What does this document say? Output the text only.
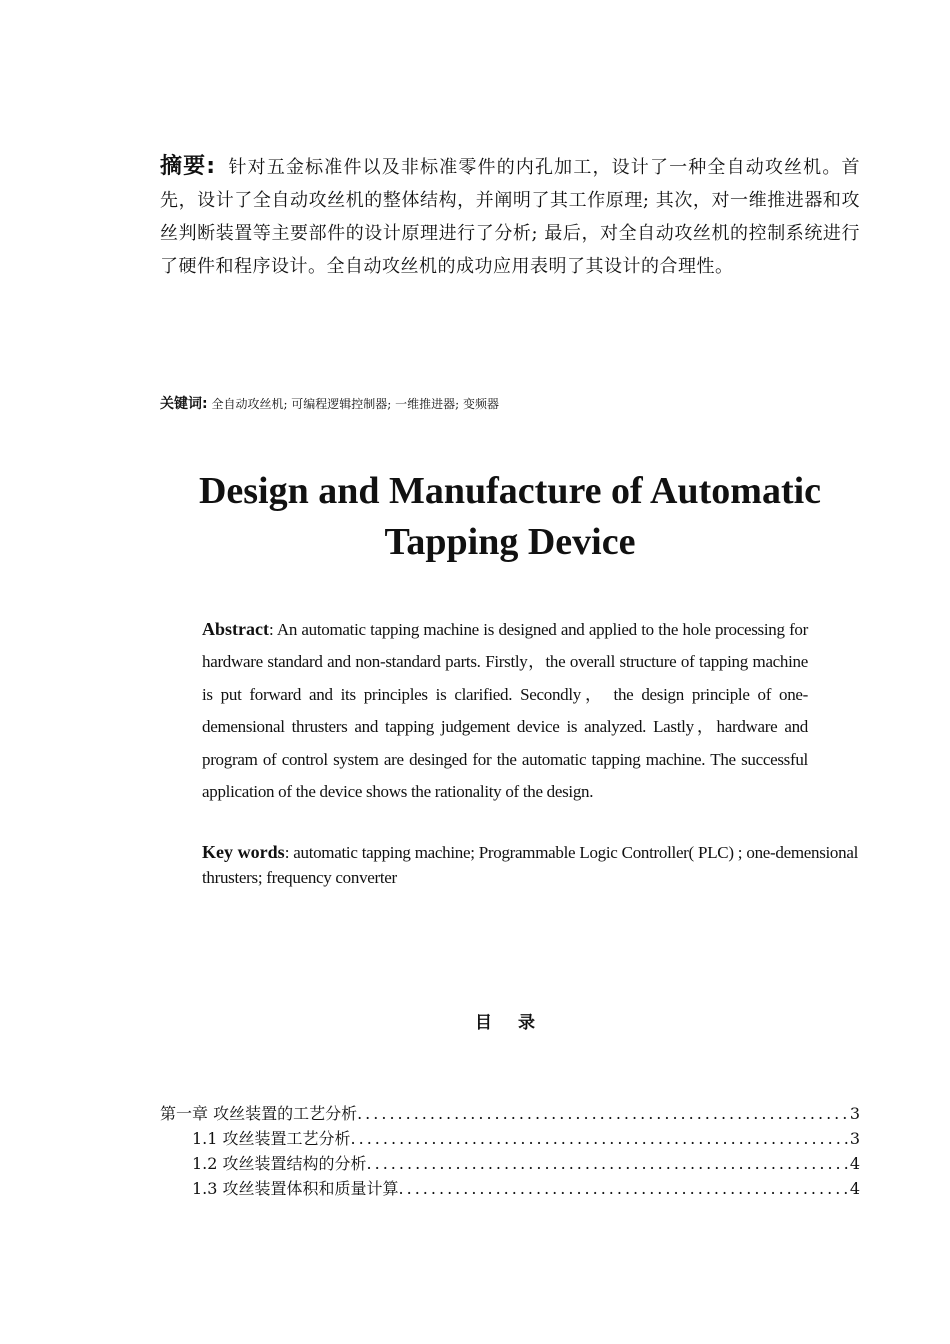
摘要: 针对五金标准件以及非标准零件的内孔加工，设计了一种全自动攻丝机。首先，设计了全自动攻丝机的整体结构，并阐明了其工作原理; 其次，对一维推进器和攻丝判断装置等主要部件的设计原理进行了分析; 最后，对全自动攻丝机的控制系统进行了硬件和程序设计。全自动攻丝机的成功应用表明了其设计的合理性。
关键词: 全自动攻丝机; 可编程逻辑控制器; 一维推进器; 变频器
Design and Manufacture of Automatic
Tapping Device
Abstract: An automatic tapping machine is designed and applied to the hole processing for hardware standard and non-standard parts. Firstly，the overall structure of tapping machine is put forward and its principles is clarified. Secondly， the design principle of one-demensional thrusters and tapping judgement device is analyzed. Lastly，hardware and program of control system are desinged for the automatic tapping machine. The successful application of the device shows the rationality of the design.
Key words: automatic tapping machine; Programmable Logic Controller( PLC) ; one-demensional thrusters; frequency converter
目 录
第一章 攻丝装置的工艺分析 .....	3
1.1 攻丝装置工艺分析 .....	3
1.2 攻丝装置结构的分析 .....	4
1.3 攻丝装置体积和质量计算 .....	4
